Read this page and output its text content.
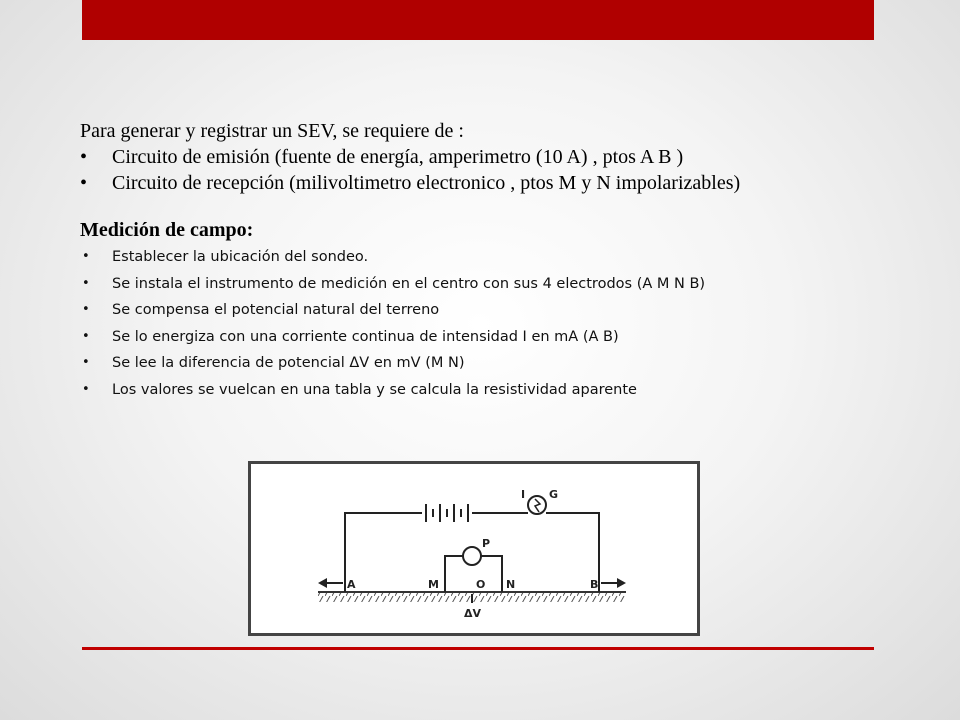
Para generar y registrar un SEV, se requiere de :

• Circuito de emisión (fuente de energía, amperimetro (10 A) , ptos A B )
• Circuito de recepción (milivoltimetro electronico , ptos M y N impolarizables)
Medición de campo:
• Establecer la ubicación del sondeo.
• Se instala el instrumento de medición en el centro con sus 4 electrodos (A M N B)
• Se compensa el potencial natural del terreno
• Se lo energiza con una corriente continua de intensidad I en mA (A B)
• Se lee la diferencia de potencial ΔV en mV (M N)
• Los valores se vuelcan en una tabla y se calcula la resistividad aparente
I G
P
A	M	O N	B
ΔV
